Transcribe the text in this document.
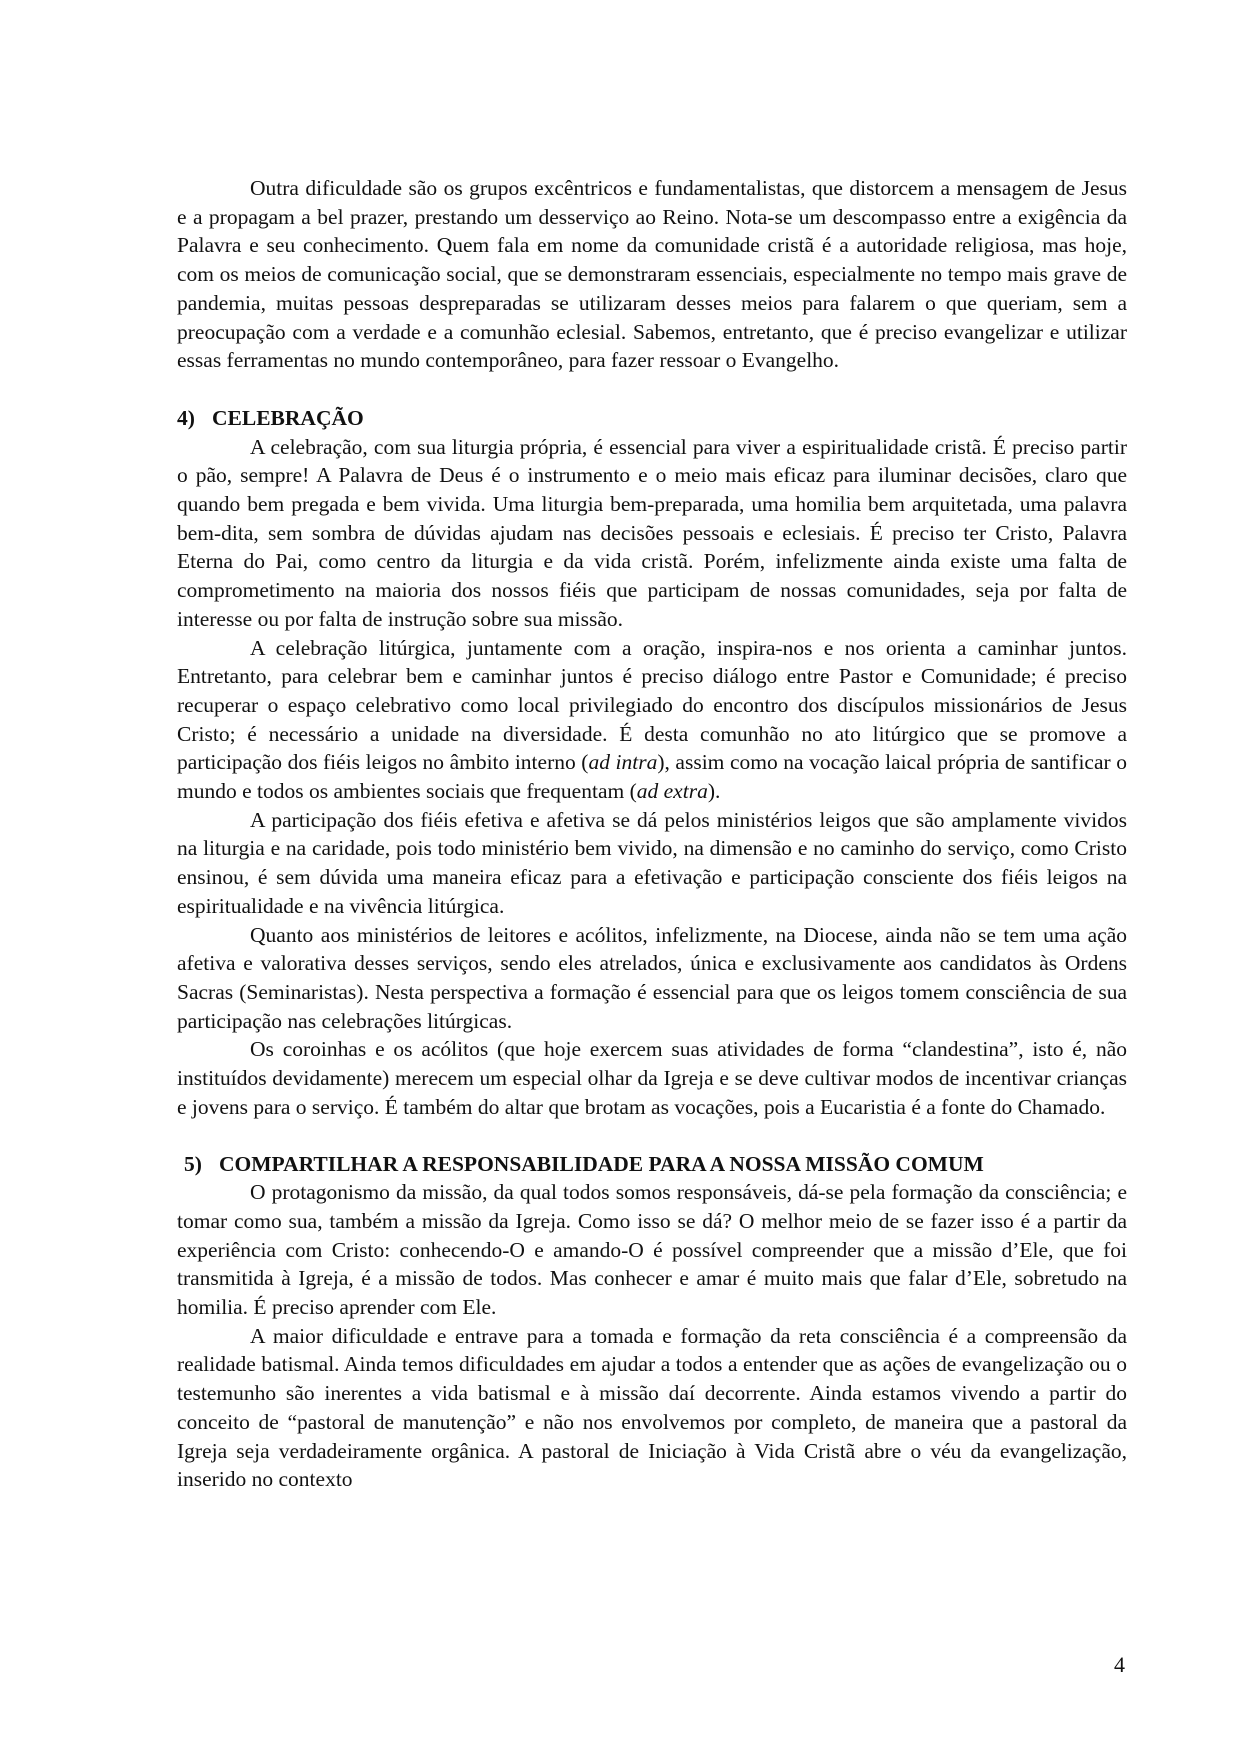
Outra dificuldade são os grupos excêntricos e fundamentalistas, que distorcem a mensagem de Jesus e a propagam a bel prazer, prestando um desserviço ao Reino. Nota-se um descompasso entre a exigência da Palavra e seu conhecimento. Quem fala em nome da comunidade cristã é a autoridade religiosa, mas hoje, com os meios de comunicação social, que se demonstraram essenciais, especialmente no tempo mais grave de pandemia, muitas pessoas despreparadas se utilizaram desses meios para falarem o que queriam, sem a preocupação com a verdade e a comunhão eclesial. Sabemos, entretanto, que é preciso evangelizar e utilizar essas ferramentas no mundo contemporâneo, para fazer ressoar o Evangelho.

4) CELEBRAÇÃO

A celebração, com sua liturgia própria, é essencial para viver a espiritualidade cristã. É preciso partir o pão, sempre! A Palavra de Deus é o instrumento e o meio mais eficaz para iluminar decisões, claro que quando bem pregada e bem vivida. Uma liturgia bem-preparada, uma homilia bem arquitetada, uma palavra bem-dita, sem sombra de dúvidas ajudam nas decisões pessoais e eclesiais. É preciso ter Cristo, Palavra Eterna do Pai, como centro da liturgia e da vida cristã. Porém, infelizmente ainda existe uma falta de comprometimento na maioria dos nossos fiéis que participam de nossas comunidades, seja por falta de interesse ou por falta de instrução sobre sua missão.

A celebração litúrgica, juntamente com a oração, inspira-nos e nos orienta a caminhar juntos. Entretanto, para celebrar bem e caminhar juntos é preciso diálogo entre Pastor e Comunidade; é preciso recuperar o espaço celebrativo como local privilegiado do encontro dos discípulos missionários de Jesus Cristo; é necessário a unidade na diversidade. É desta comunhão no ato litúrgico que se promove a participação dos fiéis leigos no âmbito interno (ad intra), assim como na vocação laical própria de santificar o mundo e todos os ambientes sociais que frequentam (ad extra).

A participação dos fiéis efetiva e afetiva se dá pelos ministérios leigos que são amplamente vividos na liturgia e na caridade, pois todo ministério bem vivido, na dimensão e no caminho do serviço, como Cristo ensinou, é sem dúvida uma maneira eficaz para a efetivação e participação consciente dos fiéis leigos na espiritualidade e na vivência litúrgica.

Quanto aos ministérios de leitores e acólitos, infelizmente, na Diocese, ainda não se tem uma ação afetiva e valorativa desses serviços, sendo eles atrelados, única e exclusivamente aos candidatos às Ordens Sacras (Seminaristas). Nesta perspectiva a formação é essencial para que os leigos tomem consciência de sua participação nas celebrações litúrgicas.

Os coroinhas e os acólitos (que hoje exercem suas atividades de forma “clandestina”, isto é, não instituídos devidamente) merecem um especial olhar da Igreja e se deve cultivar modos de incentivar crianças e jovens para o serviço. É também do altar que brotam as vocações, pois a Eucaristia é a fonte do Chamado.

5) COMPARTILHAR A RESPONSABILIDADE PARA A NOSSA MISSÃO COMUM

O protagonismo da missão, da qual todos somos responsáveis, dá-se pela formação da consciência; e tomar como sua, também a missão da Igreja. Como isso se dá? O melhor meio de se fazer isso é a partir da experiência com Cristo: conhecendo-O e amando-O é possível compreender que a missão d’Ele, que foi transmitida à Igreja, é a missão de todos. Mas conhecer e amar é muito mais que falar d’Ele, sobretudo na homilia. É preciso aprender com Ele.

A maior dificuldade e entrave para a tomada e formação da reta consciência é a compreensão da realidade batismal. Ainda temos dificuldades em ajudar a todos a entender que as ações de evangelização ou o testemunho são inerentes a vida batismal e à missão daí decorrente. Ainda estamos vivendo a partir do conceito de “pastoral de manutenção” e não nos envolvemos por completo, de maneira que a pastoral da Igreja seja verdadeiramente orgânica. A pastoral de Iniciação à Vida Cristã abre o véu da evangelização, inserido no contexto

4
